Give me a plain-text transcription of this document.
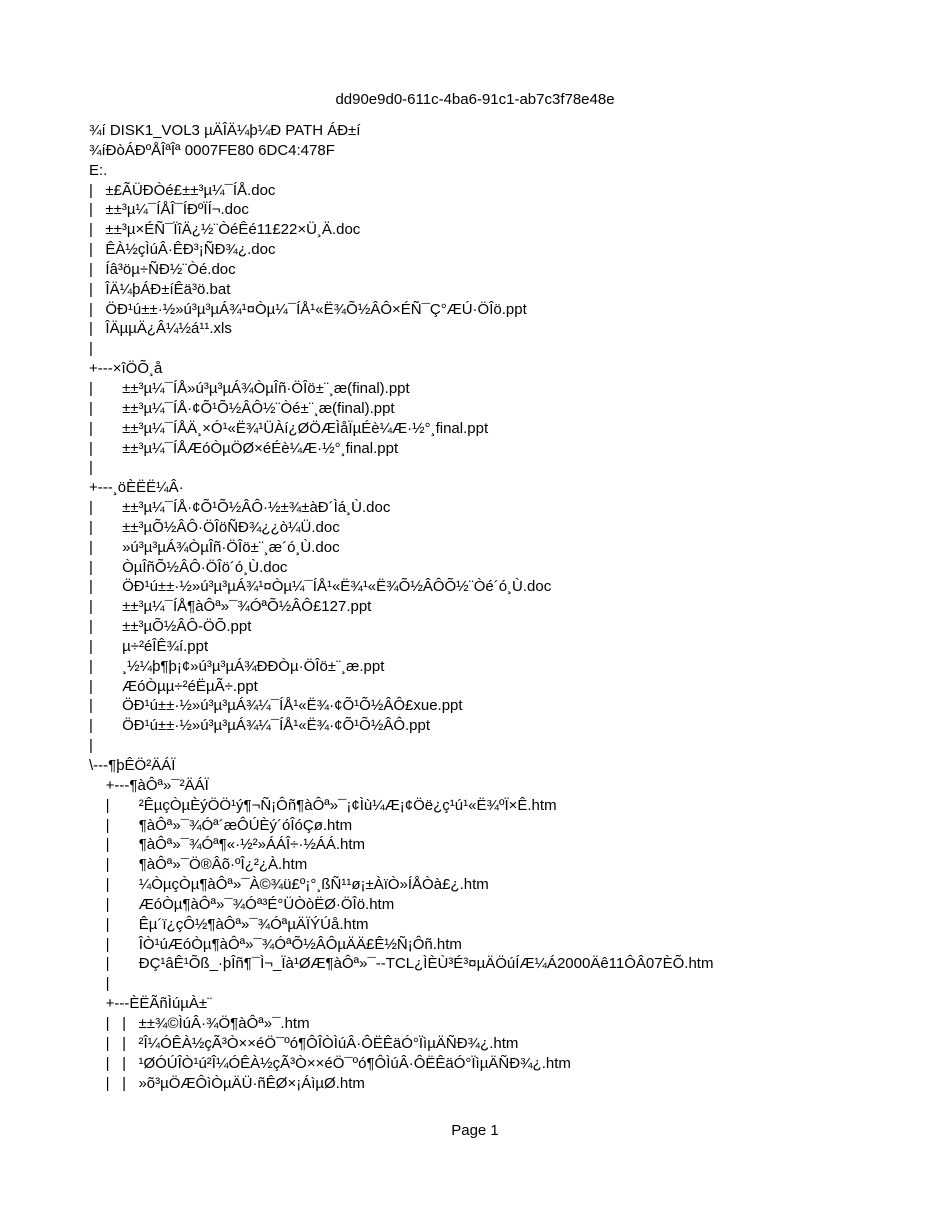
dd90e9d0-611c-4ba6-91c1-ab7c3f78e48e
¾í DISK1_VOL3 µÄÎÄ¼þ¼Ð PATH ÁÐ±í
¾íÐòÁÐºÅÎªÎª 0007FE80 6DC4:478F
E:.
|   ±£ÃÜÐÒé£±±³µ¼¯ÍÅ.doc
|   ±±³µ¼¯ÍÅÎ¯ÍÐºÏÍ¬.doc
|   ±±³µ×ÉÑ¯ÏîÄ¿½¨ÒéÊé11£22×Ü¸Ä.doc
|   ÊÀ½çÌúÂ·ÊÐ³¡ÑÐ¾¿.doc
|   Íâ³öµ÷ÑÐ½¨Òé.doc
|   ÎÄ¼þÁÐ±íÊä³ö.bat
|   ÖÐ¹ú±±·½»ú³µ³µÁ¾¹¤Òµ¼¯ÍÅ¹«Ë¾Õ½ÂÔ×ÉÑ¯Ç°ÆÚ·ÖÎö.ppt
|   ÎÄµµÄ¿Â¼½á¹¹.xls
|
+---×îÖÕ¸å
|       ±±³µ¼¯ÍÅ»ú³µ³µÁ¾ÒµÎñ·ÖÎö±¨¸æ(final).ppt
|       ±±³µ¼¯ÍÅ·¢Õ¹Õ½ÂÔ½¨Òé±¨¸æ(final).ppt
|       ±±³µ¼¯ÍÅÄ¸×Ó¹«Ë¾¹ÜÀí¿ØÖÆÌåÏµÉè¼Æ·½°¸final.ppt
|       ±±³µ¼¯ÍÅÆóÒµÖØ×éÉè¼Æ·½°¸final.ppt
|
+---¸öÈËË¼Â·
|       ±±³µ¼¯ÍÅ·¢Õ¹Õ½ÂÔ·½±¾±àÐ´Ìá¸Ù.doc
|       ±±³µÕ½ÂÔ·ÖÎöÑÐ¾¿¿ò¼Ü.doc
|       »ú³µ³µÁ¾ÒµÎñ·ÖÎö±¨¸æ´ó¸Ù.doc
|       ÒµÎñÕ½ÂÔ·ÖÎö´ó¸Ù.doc
|       ÖÐ¹ú±±·½»ú³µ³µÁ¾¹¤Òµ¼¯ÍÅ¹«Ë¾¹«Ë¾Õ½ÂÔÕ½¨Òé´ó¸Ù.doc
|       ±±³µ¼¯ÍÅ¶àÔª»¯¾ÓªÕ½ÂÔ£127.ppt
|       ±±³µÕ½ÂÔ-ÖÕ.ppt
|       µ÷²éÎÊ¾í.ppt
|       ¸½¼þ¶þ¡¢»ú³µ³µÁ¾ÐÐÒµ·ÖÎö±¨¸æ.ppt
|       ÆóÒµµ÷²éËµÃ÷.ppt
|       ÖÐ¹ú±±·½»ú³µ³µÁ¾¼¯ÍÅ¹«Ë¾·¢Õ¹Õ½ÂÔ£xue.ppt
|       ÖÐ¹ú±±·½»ú³µ³µÁ¾¼¯ÍÅ¹«Ë¾·¢Õ¹Õ½ÂÔ.ppt
|
\---¶þÊÖ²ÄÁÏ
+---¶àÔª»¯²ÄÁÏ
|       ²ÊµçÒµÈýÖÖ¹ý¶¬Ñ¡Ôñ¶àÔª»¯¡¢Ìù¼Æ¡¢Öë¿ç¹ú¹«Ë¾ºÏ×Ê.htm
|       ¶àÔª»¯¾Óª´æÔÚÈý´óÎóÇø.htm
|       ¶àÔª»¯¾Óª¶«·½²»ÁÁÎ÷·½ÁÁ.htm
|       ¶àÔª»¯Ö®Âõ·ºÎ¿²¿À.htm
|       ¼ÒµçÒµ¶àÔª»¯À©¾ü£º¡°¸ßÑ¹¹ø¡±ÀïÒ»ÍÅÒà£¿.htm
|       ÆóÒµ¶àÔª»¯¾Óª³É°ÜÒòËØ·ÖÎö.htm
|       Êµ´ï¿çÔ½¶àÔª»¯¾ÓªµÄÏÝÚå.htm
|       ÎÒ¹úÆóÒµ¶àÔª»¯¾ÓªÕ½ÂÔµÄÄ£Ê½Ñ¡Ôñ.htm
|       ÐÇ¹âÊ¹Õß_·þÎñ¶¯Ì¬_Ïà¹ØÆ¶àÔª»¯--TCL¿ÌÈÙ³É³¤µÄÖúÍÆ¼Á2000Äê11ÔÂ07ÈÕ.htm
|
+---ÈËÃñÌúµÀ±¨
|   |   ±±¾©ÌúÂ·¾Ö¶àÔª»¯.htm
|   |   ²Î¼ÓÊÀ½çÃ³Ò××éÖ¯ºó¶ÔÎÒÌúÂ·ÔËÊäÓ°ÏìµÄÑÐ¾¿.htm
|   |   ¹ØÓÚÎÒ¹ú²Î¼ÓÊÀ½çÃ³Ò××éÖ¯ºó¶ÔÌúÂ·ÔËÊäÓ°ÏìµÄÑÐ¾¿.htm
|   |   »õ³µÖÆÔìÒµÄÜ·ñÊØ×¡ÁìµØ.htm
Page 1
